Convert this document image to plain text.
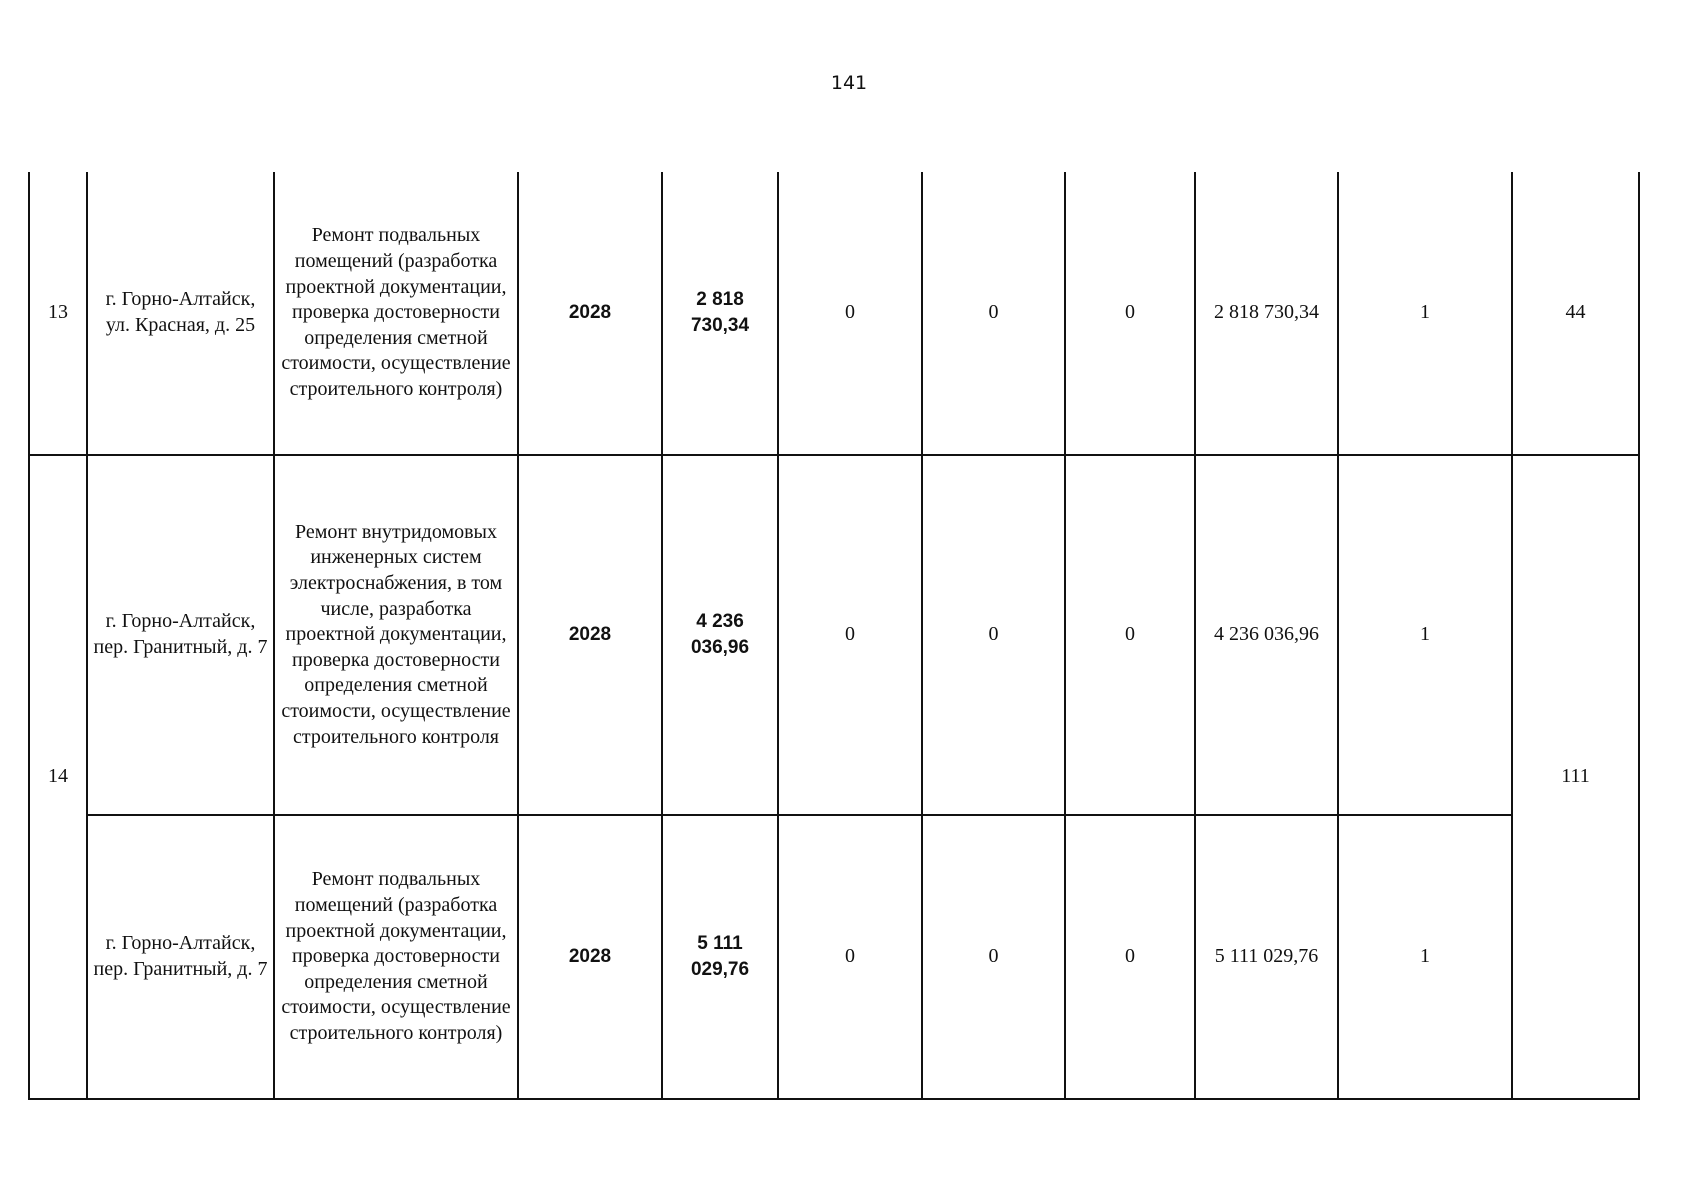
141
13	г. Горно-Алтайск, ул. Красная, д. 25	Ремонт подвальных помещений (разработка проектной документации, проверка достоверности определения сметной стоимости, осуществление строительного контроля)	2028	2 818 730,34	0	0	0	2 818 730,34	1	44
14	г. Горно-Алтайск, пер. Гранитный, д. 7	Ремонт внутридомовых инженерных систем электроснабжения, в том числе, разработка проектной документации, проверка достоверности определения сметной стоимости, осуществление строительного контроля	2028	4 236 036,96	0	0	0	4 236 036,96	1	111
	г. Горно-Алтайск, пер. Гранитный, д. 7	Ремонт подвальных помещений (разработка проектной документации, проверка достоверности определения сметной стоимости, осуществление строительного контроля)	2028	5 111 029,76	0	0	0	5 111 029,76	1	
